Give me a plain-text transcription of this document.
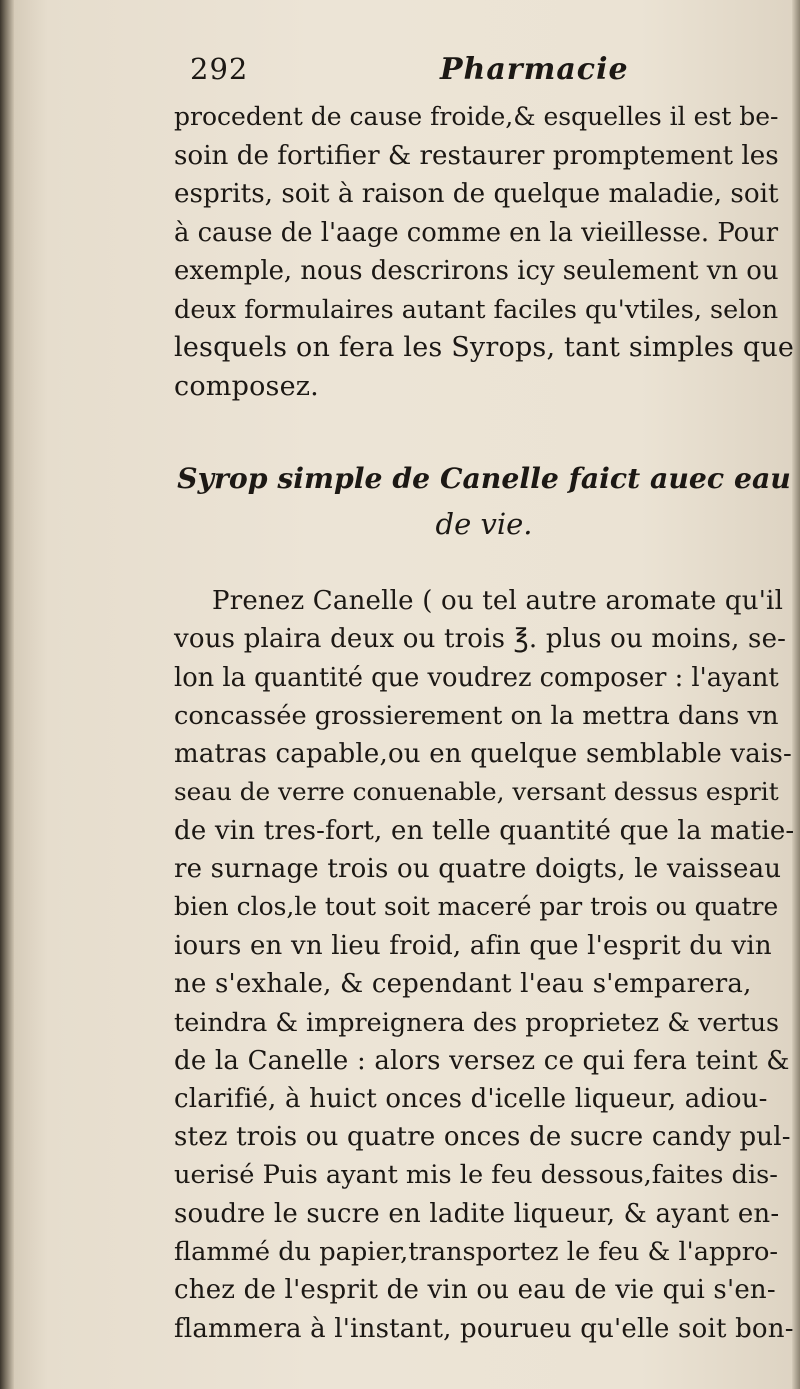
292	Pharmacie
procedent de cause froide,& esquelles il est be-
soin de fortifier & restaurer promptement les
esprits, soit à raison de quelque maladie, soit
à cause de l'aage comme en la vieillesse. Pour
exemple, nous descrirons icy seulement vn ou
deux formulaires autant faciles qu'vtiles, selon
lesquels on fera les Syrops, tant simples que
composez.
Syrop simple de Canelle faict auec eau
de vie.
Prenez Canelle ( ou tel autre aromate qu'il
vous plaira deux ou trois ℥. plus ou moins, se-
lon la quantité que voudrez composer : l'ayant
concassée grossierement on la mettra dans vn
matras capable,ou en quelque semblable vais-
seau de verre conuenable, versant dessus esprit
de vin tres-fort, en telle quantité que la matie-
re surnage trois ou quatre doigts, le vaisseau
bien clos,le tout soit maceré par trois ou quatre
iours en vn lieu froid, afin que l'esprit du vin
ne s'exhale, & cependant l'eau s'emparera,
teindra & impreignera des proprietez & vertus
de la Canelle : alors versez ce qui fera teint &
clarifié, à huict onces d'icelle liqueur, adiou-
stez trois ou quatre onces de sucre candy pul-
uerisé Puis ayant mis le feu dessous,faites dis-
soudre le sucre en ladite liqueur, & ayant en-
flammé du papier,transportez le feu & l'appro-
chez de l'esprit de vin ou eau de vie qui s'en-
flammera à l'instant, pourueu qu'elle soit bon-
